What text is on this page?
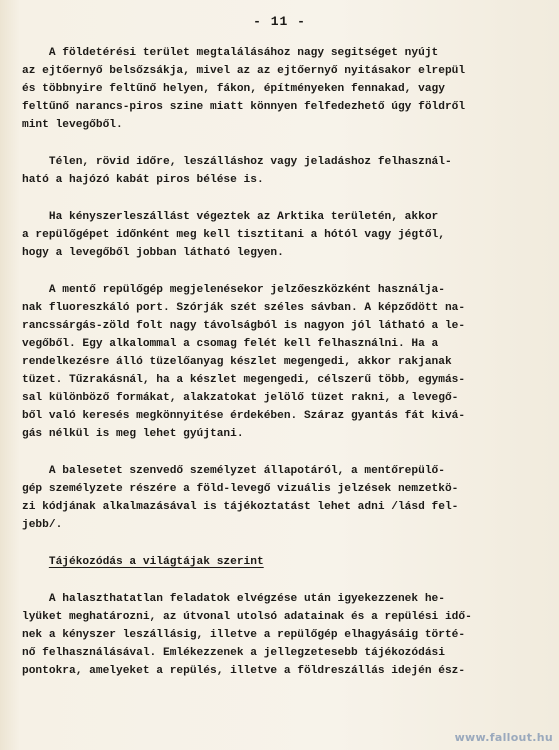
- 11 -
A földetérési terület megtalálásához nagy segitséget nyújt
az ejtőernyő belsőzsákja, mivel az az ejtőernyő nyitásakor elrepül
és többnyire feltűnő helyen, fákon, építményeken fennakad, vagy
feltűnő narancs-piros szine miatt könnyen felfedezhető úgy földről
mint levegőből.
Télen, rövid időre, leszálláshoz vagy jeladáshoz felhasznál-
ható a hajózó kabát piros bélése is.
Ha kényszerleszállást végeztek az Arktika területén, akkor
a repülőgépet időnként meg kell tisztitani a hótól vagy jégtől,
hogy a levegőből jobban látható legyen.
A mentő repülőgép megjelenésekor jelzőeszközként használja-
nak fluoreszkáló port. Szórják szét széles sávban. A képződött na-
rancssárgás-zöld folt nagy távolságból is nagyon jól látható a le-
vegőből. Egy alkalommal a csomag felét kell felhasználni. Ha a
rendelkezésre álló tüzelőanyag készlet megengedi, akkor rakjanak
tüzet. Tűzrakásnál, ha a készlet megengedi, célszerű több, egymás-
sal különböző formákat, alakzatokat jelölő tüzet rakni, a levegő-
ből való keresés megkönnyitése érdekében. Száraz gyantás fát kivá-
gás nélkül is meg lehet gyújtani.
A balesetet szenvedő személyzet állapotáról, a mentőrepülő-
gép személyzete részére a föld-levegő vizuális jelzések nemzetkö-
zi kódjának alkalmazásával is tájékoztatást lehet adni /lásd fel-
jebb/.
Tájékozódás a világtájak szerint
A halaszthatatlan feladatok elvégzése után igyekezzenek he-
lyüket meghatározni, az útvonal utolsó adatainak és a repülési idő-
nek a kényszer leszállásig, illetve a repülőgép elhagyásáig törté-
nő felhasználásával. Emlékezzenek a jellegzetesebb tájékozódási
pontokra, amelyeket a repülés, illetve a földreszállás idején ész-
www.fallout.hu
